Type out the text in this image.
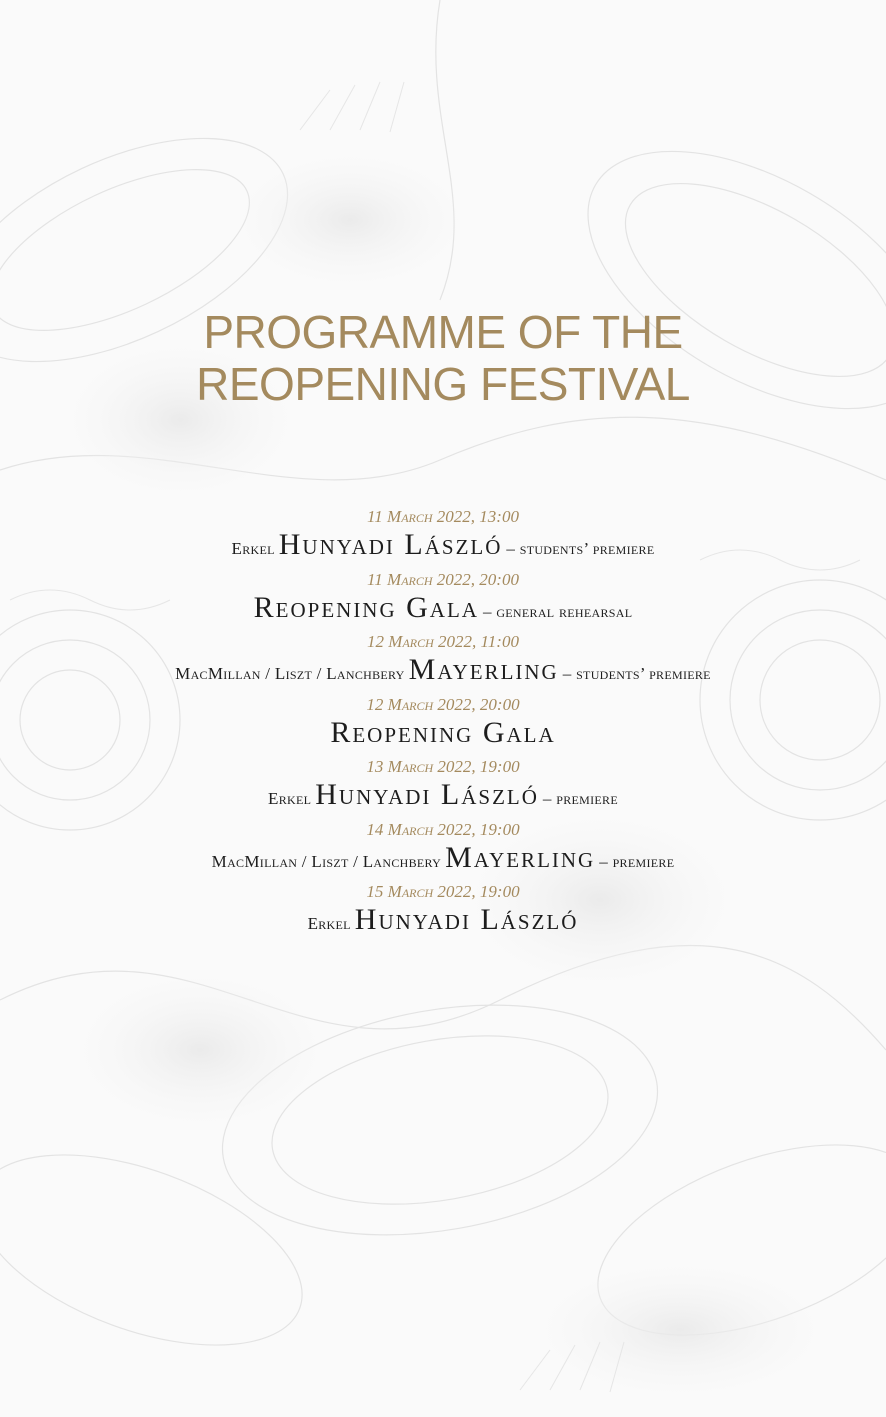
PROGRAMME OF THE
REOPENING FESTIVAL
11 March 2022, 13:00
Erkel Hunyadi László – students’ premiere
11 March 2022, 20:00
Reopening Gala – general rehearsal
12 March 2022, 11:00
MacMillan / Liszt / Lanchbery Mayerling – students’ premiere
12 March 2022, 20:00
Reopening Gala
13 March 2022, 19:00
Erkel Hunyadi László – premiere
14 March 2022, 19:00
MacMillan / Liszt / Lanchbery Mayerling – premiere
15 March 2022, 19:00
Erkel Hunyadi László
